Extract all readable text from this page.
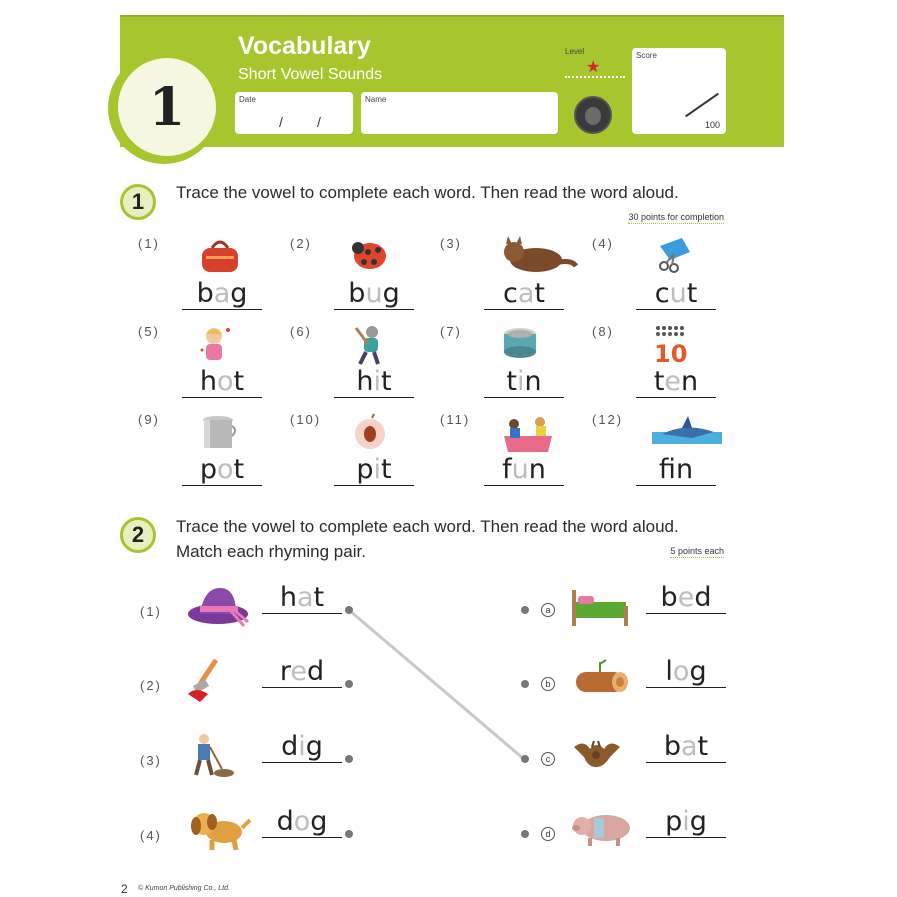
1
Vocabulary
Short Vowel Sounds
Date
/ /
Name
Level
★
Score
100
1 Trace the vowel to complete each word. Then read the word aloud.
30 points for completion
(1)
bag
(2)
bug
(3)
cat
(4)
cut
(5)
hot
(6)
hit
(7)
tin
(8)
10
ten
(9)
pot
(10)
pit
(11)
fun
(12)
fn
2 Trace the vowel to complete each word. Then read the word aloud.
Match each rhyming pair.	5 points each
(1)	hat
(2)	red
(3)	dig
(4)	dog
a	bed
b	log
c	bat
d	pig
2 © Kumon Publishing Co., Ltd.
